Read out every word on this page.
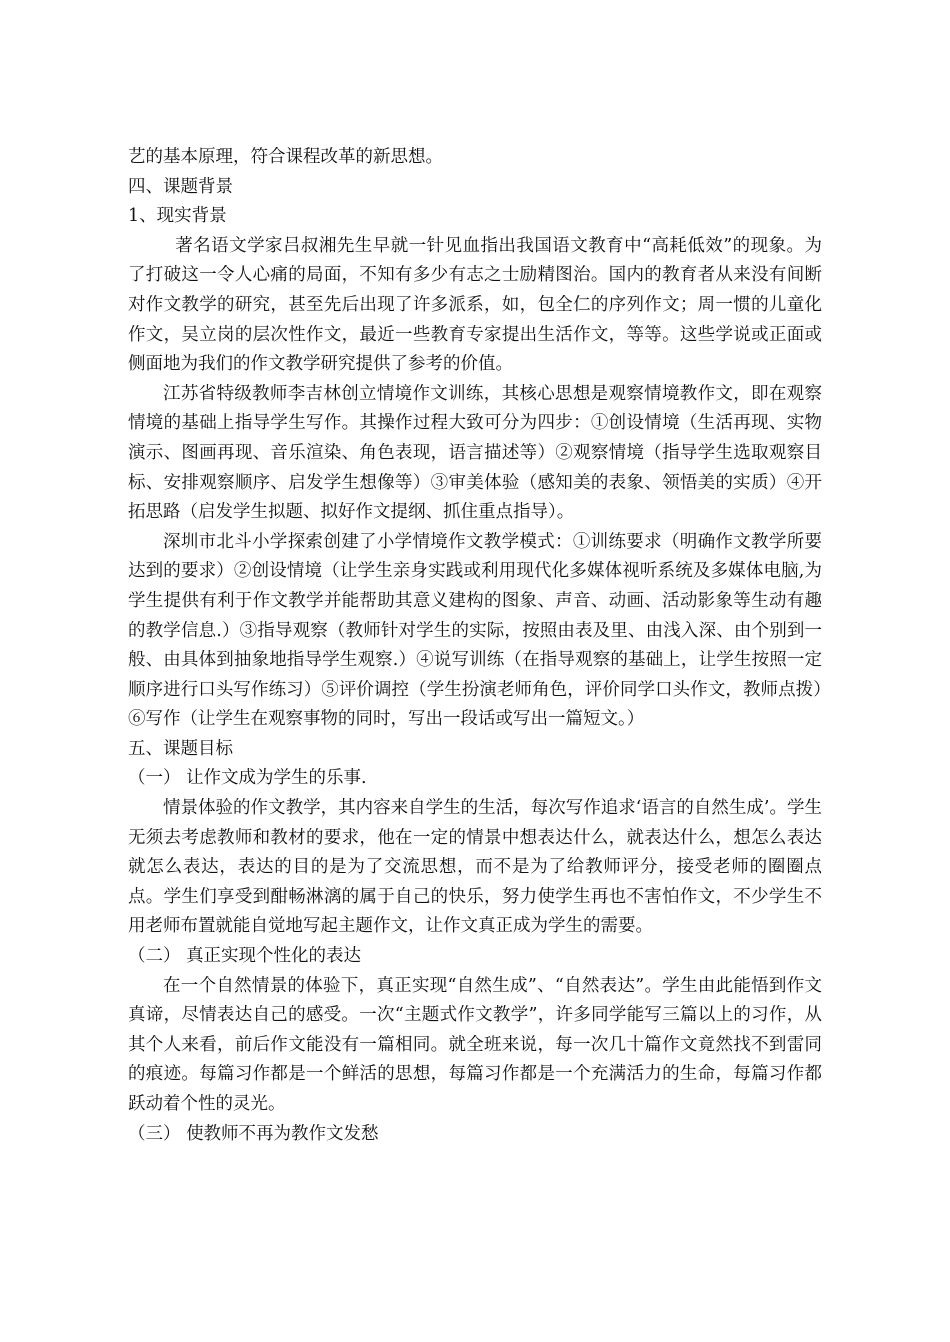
艺的基本原理，符合课程改革的新思想。

四、课题背景

1、现实背景

著名语文学家吕叔湘先生早就一针见血指出我国语文教育中“高耗低效”的现象。为了打破这一令人心痛的局面，不知有多少有志之士励精图治。国内的教育者从来没有间断对作文教学的研究，甚至先后出现了许多派系，如，包全仁的序列作文；周一惯的儿童化作文，吴立岗的层次性作文，最近一些教育专家提出生活作文，等等。这些学说或正面或侧面地为我们的作文教学研究提供了参考的价值。

江苏省特级教师李吉林创立情境作文训练，其核心思想是观察情境教作文，即在观察情境的基础上指导学生写作。其操作过程大致可分为四步：①创设情境（生活再现、实物演示、图画再现、音乐渲染、角色表现，语言描述等）②观察情境（指导学生选取观察目标、安排观察顺序、启发学生想像等）③审美体验（感知美的表象、领悟美的实质）④开拓思路（启发学生拟题、拟好作文提纲、抓住重点指导）。

深圳市北斗小学探索创建了小学情境作文教学模式：①训练要求（明确作文教学所要达到的要求）②创设情境（让学生亲身实践或利用现代化多媒体视听系统及多媒体电脑,为学生提供有利于作文教学并能帮助其意义建构的图象、声音、动画、活动影象等生动有趣的教学信息.）③指导观察（教师针对学生的实际，按照由表及里、由浅入深、由个别到一般、由具体到抽象地指导学生观察.）④说写训练（在指导观察的基础上，让学生按照一定顺序进行口头写作练习）⑤评价调控（学生扮演老师角色，评价同学口头作文，教师点拨）⑥写作（让学生在观察事物的同时，写出一段话或写出一篇短文。）

五、课题目标

（一） 让作文成为学生的乐事.

情景体验的作文教学，其内容来自学生的生活，每次写作追求‘语言的自然生成’。学生无须去考虑教师和教材的要求，他在一定的情景中想表达什么，就表达什么，想怎么表达就怎么表达，表达的目的是为了交流思想，而不是为了给教师评分，接受老师的圈圈点点。学生们享受到酣畅淋漓的属于自己的快乐，努力使学生再也不害怕作文，不少学生不用老师布置就能自觉地写起主题作文，让作文真正成为学生的需要。

（二） 真正实现个性化的表达

在一个自然情景的体验下，真正实现“自然生成”、“自然表达”。学生由此能悟到作文真谛，尽情表达自己的感受。一次“主题式作文教学”，许多同学能写三篇以上的习作，从其个人来看，前后作文能没有一篇相同。就全班来说，每一次几十篇作文竟然找不到雷同的痕迹。每篇习作都是一个鲜活的思想，每篇习作都是一个充满活力的生命，每篇习作都跃动着个性的灵光。

（三） 使教师不再为教作文发愁
